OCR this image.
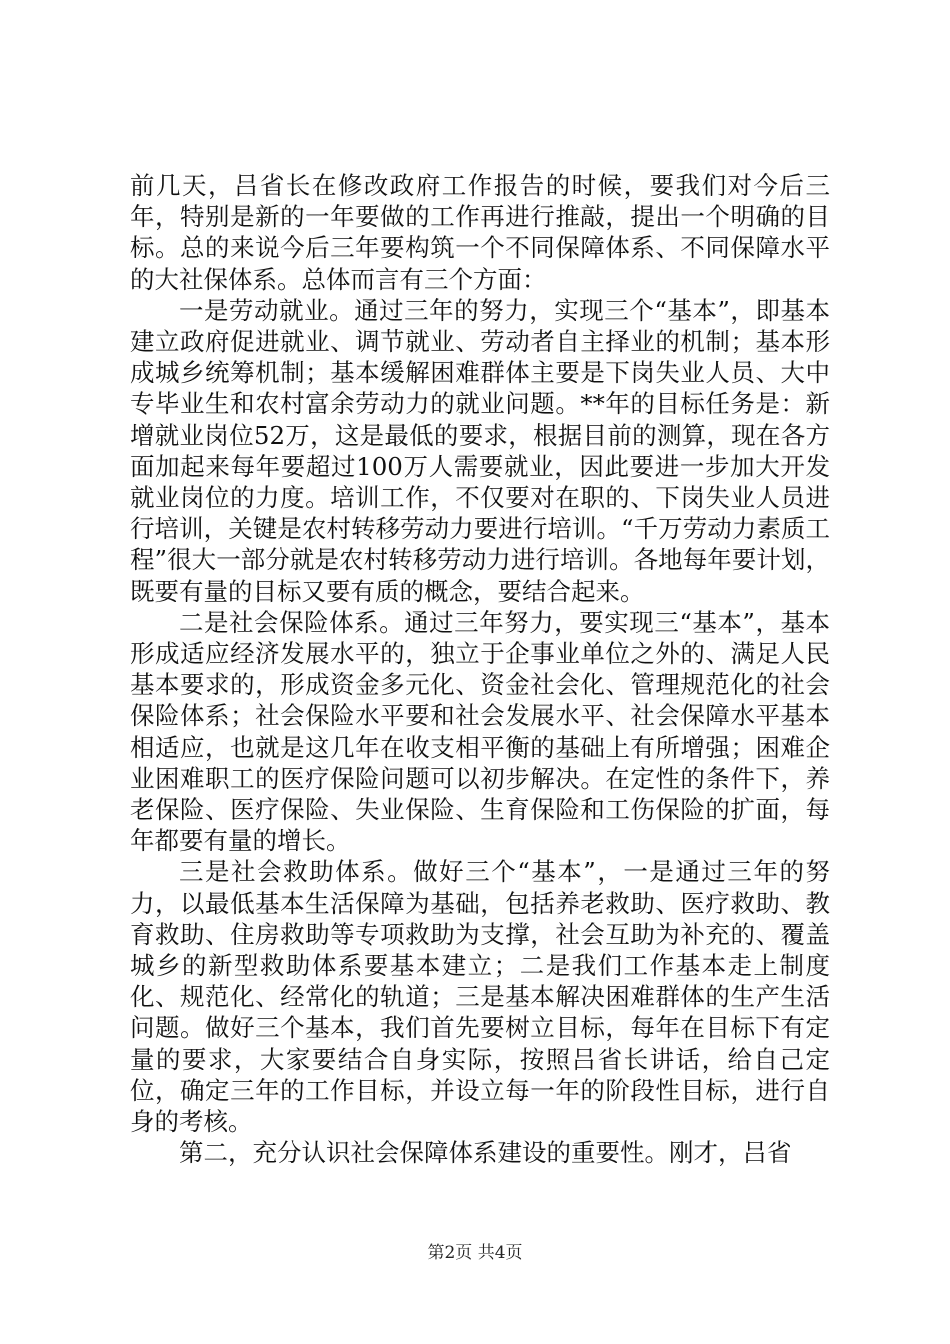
前几天，吕省长在修改政府工作报告的时候，要我们对今后三年，特别是新的一年要做的工作再进行推敲，提出一个明确的目标。总的来说今后三年要构筑一个不同保障体系、不同保障水平的大社保体系。总体而言有三个方面：

一是劳动就业。通过三年的努力，实现三个“基本”，即基本建立政府促进就业、调节就业、劳动者自主择业的机制；基本形成城乡统筹机制；基本缓解困难群体主要是下岗失业人员、大中专毕业生和农村富余劳动力的就业问题。**年的目标任务是：新增就业岗位52万，这是最低的要求，根据目前的测算，现在各方面加起来每年要超过100万人需要就业，因此要进一步加大开发就业岗位的力度。培训工作，不仅要对在职的、下岗失业人员进行培训，关键是农村转移劳动力要进行培训。“千万劳动力素质工程”很大一部分就是农村转移劳动力进行培训。各地每年要计划，既要有量的目标又要有质的概念，要结合起来。

二是社会保险体系。通过三年努力，要实现三“基本”，基本形成适应经济发展水平的，独立于企事业单位之外的、满足人民基本要求的，形成资金多元化、资金社会化、管理规范化的社会保险体系；社会保险水平要和社会发展水平、社会保障水平基本相适应，也就是这几年在收支相平衡的基础上有所增强；困难企业困难职工的医疗保险问题可以初步解决。在定性的条件下，养老保险、医疗保险、失业保险、生育保险和工伤保险的扩面，每年都要有量的增长。

三是社会救助体系。做好三个“基本”，一是通过三年的努力，以最低基本生活保障为基础，包括养老救助、医疗救助、教育救助、住房救助等专项救助为支撑，社会互助为补充的、覆盖城乡的新型救助体系要基本建立；二是我们工作基本走上制度化、规范化、经常化的轨道；三是基本解决困难群体的生产生活问题。做好三个基本，我们首先要树立目标，每年在目标下有定量的要求，大家要结合自身实际，按照吕省长讲话，给自己定位，确定三年的工作目标，并设立每一年的阶段性目标，进行自身的考核。

第二，充分认识社会保障体系建设的重要性。刚才，吕省

第2页 共4页
